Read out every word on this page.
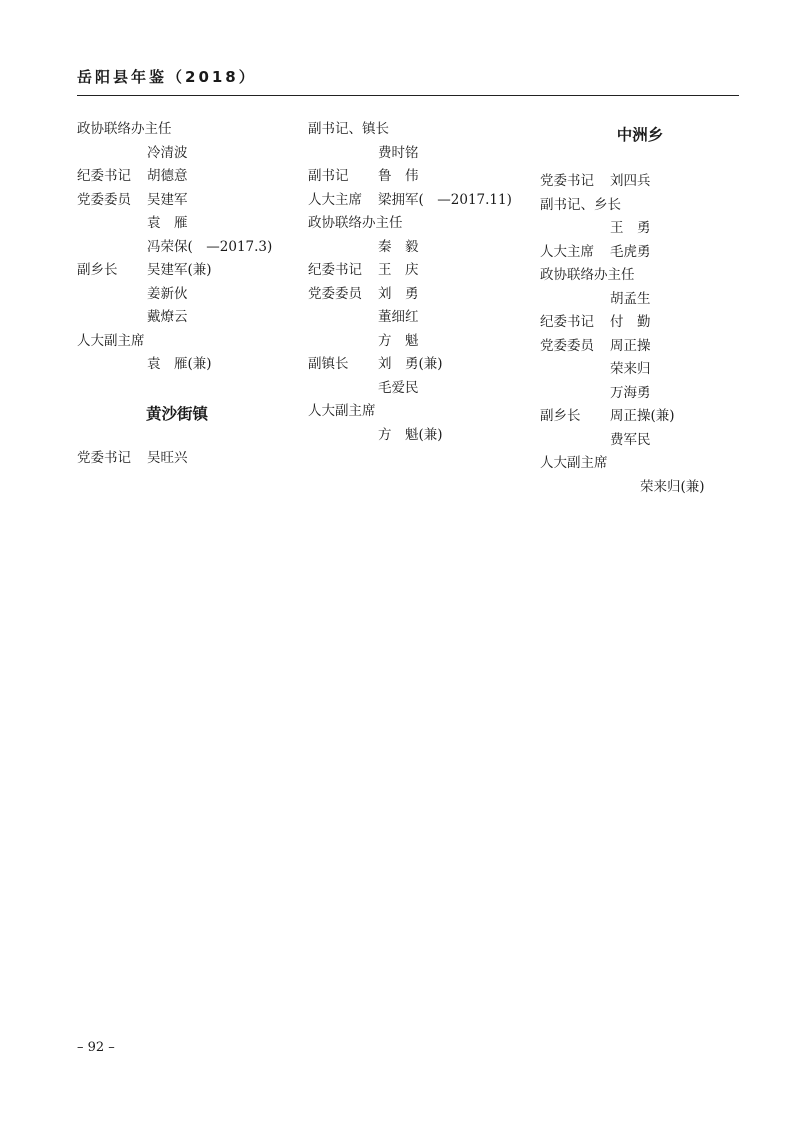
岳阳县年鉴（2018）
政协联络办主任
冷清波
纪委书记 胡德意
党委委员 吴建军
袁　雁
冯荣保(　—2017.3)
副乡长 吴建军(兼)
姜新伙
戴燎云
人大副主席
袁　雁(兼)
黄沙街镇
党委书记 吴旺兴
副书记、镇长
费时铭
副书记 鲁　伟
人大主席 梁拥军(　—2017.11)
政协联络办主任
秦　毅
纪委书记 王　庆
党委委员 刘　勇
董细红
方　魁
副镇长 刘　勇(兼)
毛爱民
人大副主席
方　魁(兼)
中洲乡
党委书记 刘四兵
副书记、乡长
王　勇
人大主席 毛虎勇
政协联络办主任
胡孟生
纪委书记 付　勤
党委委员 周正操
荣来归
万海勇
副乡长 周正操(兼)
费军民
人大副主席
荣来归(兼)
– 92 –
